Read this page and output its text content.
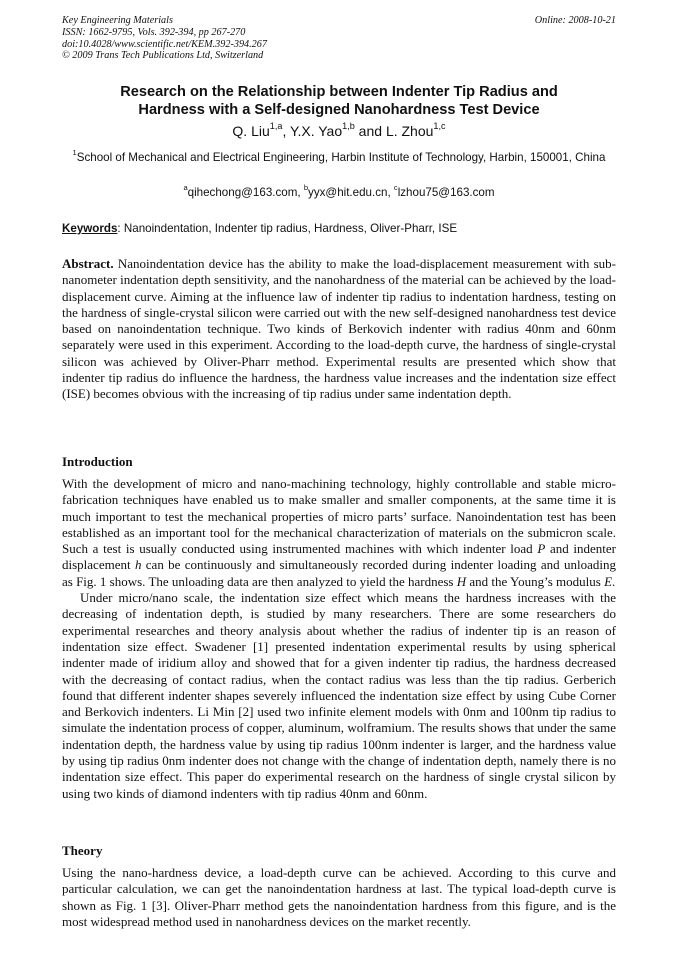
Key Engineering Materials	Online: 2008-10-21
ISSN: 1662-9795, Vols. 392-394, pp 267-270
doi:10.4028/www.scientific.net/KEM.392-394.267
© 2009 Trans Tech Publications Ltd, Switzerland
Research on the Relationship between Indenter Tip Radius and
Hardness with a Self-designed Nanohardness Test Device
Q. Liu$^{1,a}$, Y.X. Yao$^{1,b}$ and L. Zhou$^{1,c}$
$^1$School of Mechanical and Electrical Engineering, Harbin Institute of Technology, Harbin, 150001, China
$^a$qihechong@163.com, $^b$yyx@hit.edu.cn, $^c$lzhou75@163.com
Keywords: Nanoindentation, Indenter tip radius, Hardness, Oliver-Pharr, ISE

Abstract. Nanoindentation device has the ability to make the load-displacement measurement with sub-nanometer indentation depth sensitivity, and the nanohardness of the material can be achieved by the load-displacement curve. Aiming at the influence law of indenter tip radius to indentation hardness, testing on the hardness of single-crystal silicon were carried out with the new self-designed nanohardness test device based on nanoindentation technique. Two kinds of Berkovich indenter with radius 40nm and 60nm separately were used in this experiment. According to the load-depth curve, the hardness of single-crystal silicon was achieved by Oliver-Pharr method. Experimental results are presented which show that indenter tip radius do influence the hardness, the hardness value increases and the indentation size effect (ISE) becomes obvious with the increasing of tip radius under same indentation depth.

Introduction

With the development of micro and nano-machining technology, highly controllable and stable micro-fabrication techniques have enabled us to make smaller and smaller components, at the same time it is much important to test the mechanical properties of micro parts’ surface. Nanoindentation test has been established as an important tool for the mechanical characterization of materials on the submicron scale. Such a test is usually conducted using instrumented machines with which indenter load P and indenter displacement h can be continuously and simultaneously recorded during indenter loading and unloading as Fig. 1 shows. The unloading data are then analyzed to yield the hardness H and the Young’s modulus E.

Under micro/nano scale, the indentation size effect which means the hardness increases with the decreasing of indentation depth, is studied by many researchers. There are some researchers do experimental researches and theory analysis about whether the radius of indenter tip is an reason of indentation size effect. Swadener [1] presented indentation experimental results by using spherical indenter made of iridium alloy and showed that for a given indenter tip radius, the hardness decreased with the decreasing of contact radius, when the contact radius was less than the tip radius. Gerberich found that different indenter shapes severely influenced the indentation size effect by using Cube Corner and Berkovich indenters. Li Min [2] used two infinite element models with 0nm and 100nm tip radius to simulate the indentation process of copper, aluminum, wolframium. The results shows that under the same indentation depth, the hardness value by using tip radius 100nm indenter is larger, and the hardness value by using tip radius 0nm indenter does not change with the change of indentation depth, namely there is no indentation size effect. This paper do experimental research on the hardness of single crystal silicon by using two kinds of diamond indenters with tip radius 40nm and 60nm.

Theory

Using the nano-hardness device, a load-depth curve can be achieved. According to this curve and particular calculation, we can get the nanoindentation hardness at last. The typical load-depth curve is shown as Fig. 1 [3]. Oliver-Pharr method gets the nanoindentation hardness from this figure, and is the most widespread method used in nanohardness devices on the market recently.
